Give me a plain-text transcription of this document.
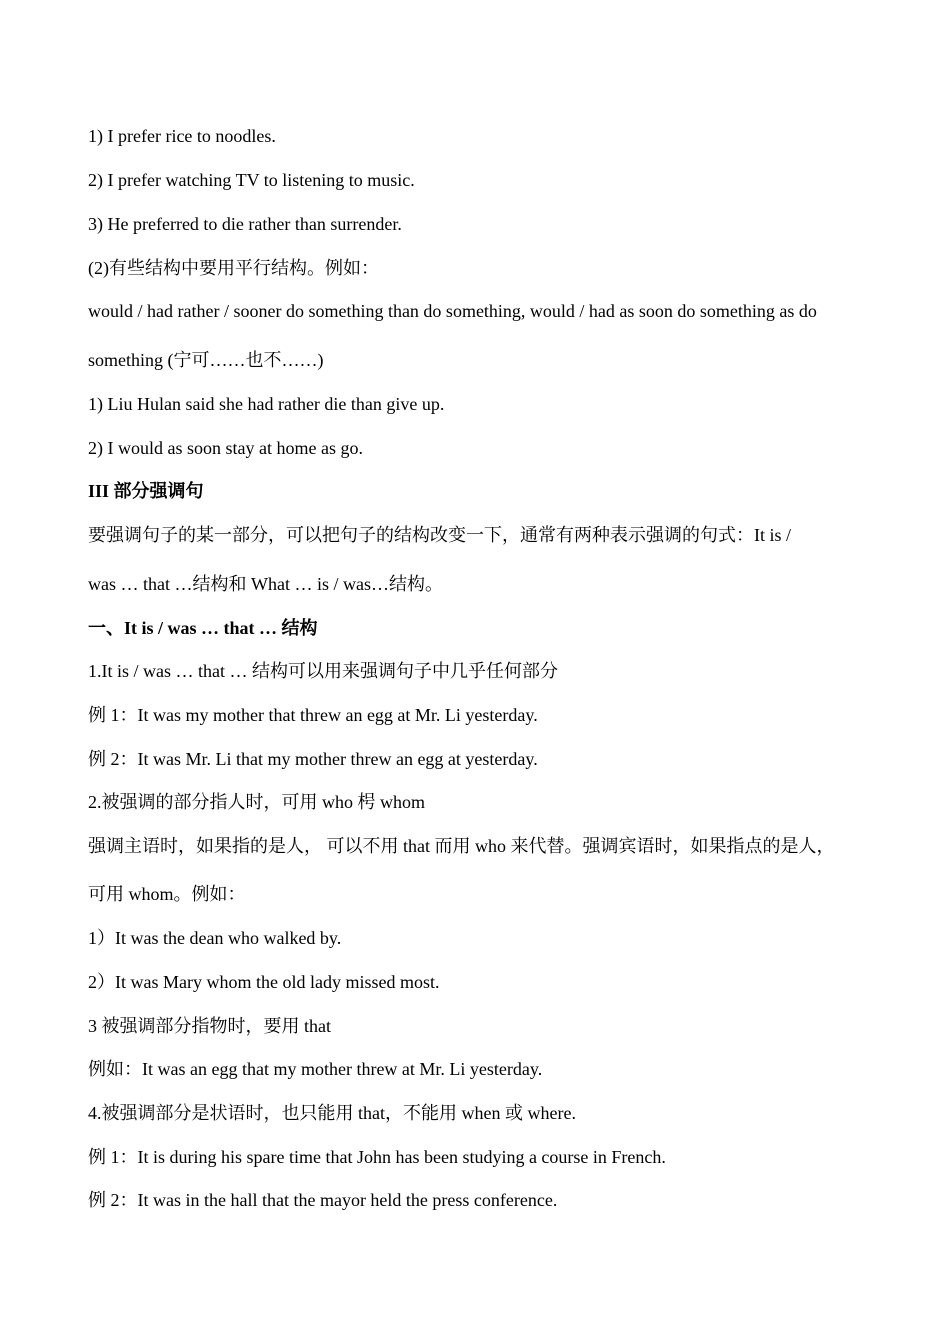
1) I prefer rice to noodles.
2) I prefer watching TV to listening to music.
3) He preferred to die rather than surrender.
(2)有些结构中要用平行结构。例如：
would / had rather / sooner do something than do something, would / had as soon do something as do
something (宁可……也不……)
1) Liu Hulan said she had rather die than give up.
2) I would as soon stay at home as go.
III 部分强调句
要强调句子的某一部分，可以把句子的结构改变一下，通常有两种表示强调的句式：It is /
was … that …结构和 What … is / was…结构。
一、It is / was … that … 结构
1.It is / was … that … 结构可以用来强调句子中几乎任何部分
例 1：It was my mother that threw an egg at Mr. Li yesterday.
例 2：It was Mr. Li that my mother threw an egg at yesterday.
2.被强调的部分指人时，可用 who 枵 whom
强调主语时，如果指的是人， 可以不用 that 而用 who 来代替。强调宾语时，如果指点的是人，
可用 whom。例如：
1）It was the dean who walked by.
2）It was Mary whom the old lady missed most.
3 被强调部分指物时，要用 that
例如：It was an egg that my mother threw at Mr. Li yesterday.
4.被强调部分是状语时，也只能用 that，不能用 when 或 where.
例 1：It is during his spare time that John has been studying a course in French.
例 2：It was in the hall that the mayor held the press conference.
